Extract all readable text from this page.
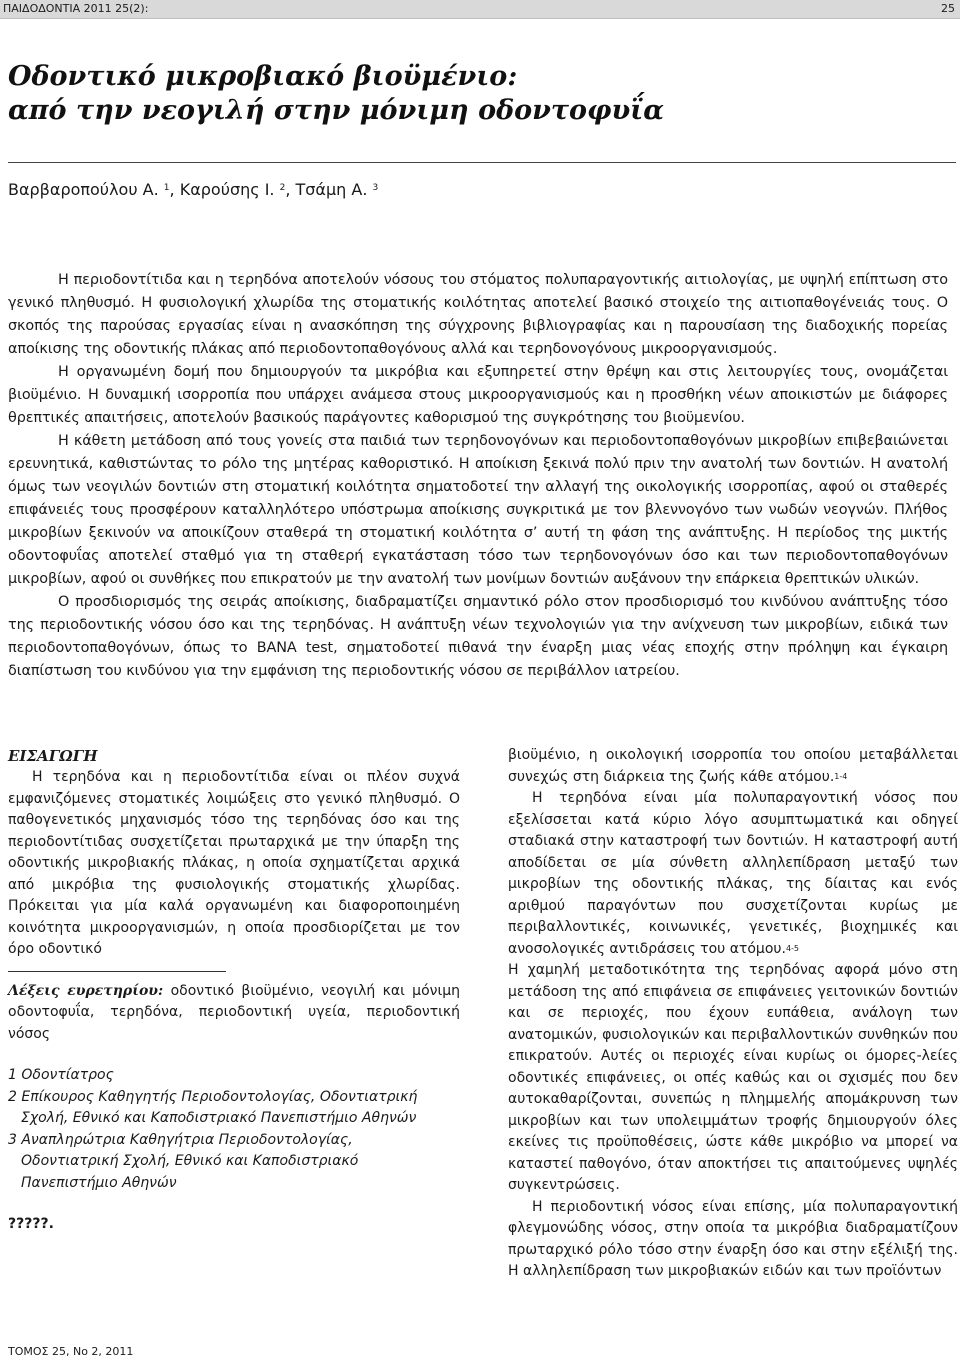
ΠΑΙΔΟΔΟΝΤΙΑ 2011 25(2):	25
Οδοντικό μικροβιακό βιοϋμένιο:
από την νεογιλή στην μόνιμη οδοντοφυΐα
Βαρβαροπούλου Α. $^1$, Καρούσης Ι. $^2$, Τσάμη Α. $^3$

Η περιοδοντίτιδα και η τερηδόνα αποτελούν νόσους του στόματος πολυπαραγοντικής αιτιολογίας, με υψηλή επίπτωση στο γενικό πληθυσμό. Η φυσιολογική χλωρίδα της στοματικής κοιλότητας αποτελεί βασικό στοιχείο της αιτιοπαθογένειάς τους. Ο σκοπός της παρούσας εργασίας είναι η ανασκόπηση της σύγχρονης βιβλιογραφίας και η παρουσίαση της διαδοχικής πορείας αποίκισης της οδοντικής πλάκας από περιοδοντοπαθογόνους αλλά και τερηδονογόνους μικροοργανισμούς.

Η οργανωμένη δομή που δημιουργούν τα μικρόβια και εξυπηρετεί στην θρέψη και στις λειτουργίες τους, ονομάζεται βιοϋμένιο. Η δυναμική ισορροπία που υπάρχει ανάμεσα στους μικροοργανισμούς και η προσθήκη νέων αποικιστών με διάφορες θρεπτικές απαιτήσεις, αποτελούν βασικούς παράγοντες καθορισμού της συγκρότησης του βιοϋμενίου.

Η κάθετη μετάδοση από τους γονείς στα παιδιά των τερηδονογόνων και περιοδοντοπαθογόνων μικροβίων επιβεβαιώνεται ερευνητικά, καθιστώντας το ρόλο της μητέρας καθοριστικό. Η αποίκιση ξεκινά πολύ πριν την ανατολή των δοντιών. Η ανατολή όμως των νεογιλών δοντιών στη στοματική κοιλότητα σηματοδοτεί την αλλαγή της οικολογικής ισορροπίας, αφού οι σταθερές επιφάνειές τους προσφέρουν καταλληλότερο υπόστρωμα αποίκισης συγκριτικά με τον βλεννογόνο των νωδών νεογνών. Πλήθος μικροβίων ξεκινούν να αποικίζουν σταθερά τη στοματική κοιλότητα σ’ αυτή τη φάση της ανάπτυξης. Η περίοδος της μικτής οδοντοφυΐας αποτελεί σταθμό για τη σταθερή εγκατάσταση τόσο των τερηδονογόνων όσο και των περιοδοντοπαθογόνων μικροβίων, αφού οι συνθήκες που επικρατούν με την ανατολή των μονίμων δοντιών αυξάνουν την επάρκεια θρεπτικών υλικών.

Ο προσδιορισμός της σειράς αποίκισης, διαδραματίζει σημαντικό ρόλο στον προσδιορισμό του κινδύνου ανάπτυξης τόσο της περιοδοντικής νόσου όσο και της τερηδόνας. Η ανάπτυξη νέων τεχνολογιών για την ανίχνευση των μικροβίων, ειδικά των περιοδοντοπαθογόνων, όπως το BANA test, σηματοδοτεί πιθανά την έναρξη μιας νέας εποχής στην πρόληψη και έγκαιρη διαπίστωση του κινδύνου για την εμφάνιση της περιοδοντικής νόσου σε περιβάλλον ιατρείου.

ΕΙΣΑΓΩΓΗ

Η τερηδόνα και η περιοδοντίτιδα είναι οι πλέον συχνά εμφανιζόμενες στοματικές λοιμώξεις στο γενικό πληθυσμό. Ο παθογενετικός μηχανισμός τόσο της τερηδόνας όσο και της περιοδοντίτιδας συσχετίζεται πρωταρχικά με την ύπαρξη της οδοντικής μικροβιακής πλάκας, η οποία σχηματίζεται αρχικά από μικρόβια της φυσιολογικής στοματικής χλωρίδας. Πρόκειται για μία καλά οργανωμένη και διαφοροποιημένη κοινότητα μικροοργανισμών, η οποία προσδιορίζεται με τον όρο οδοντικό

Λέξεις ευρετηρίου: οδοντικό βιοϋμένιο, νεογιλή και μόνιμη οδοντοφυΐα, τερηδόνα, περιοδοντική υγεία, περιοδοντική νόσος

1 Οδοντίατρος
2 Επίκουρος Καθηγητής Περιοδοντολογίας, Οδοντιατρική
Σχολή, Εθνικό και Καποδιστριακό Πανεπιστήμιο Αθηνών
3 Αναπληρώτρια Καθηγήτρια Περιοδοντολογίας,
Οδοντιατρική Σχολή, Εθνικό και Καποδιστριακό
Πανεπιστήμιο Αθηνών
?????.

βιοϋμένιο, η οικολογική ισορροπία του οποίου μεταβάλλεται συνεχώς στη διάρκεια της ζωής κάθε ατόμου.$^{1-4}$

Η τερηδόνα είναι μία πολυπαραγοντική νόσος που εξελίσσεται κατά κύριο λόγο ασυμπτωματικά και οδηγεί σταδιακά στην καταστροφή των δοντιών. Η καταστροφή αυτή αποδίδεται σε μία σύνθετη αλληλεπίδραση μεταξύ των μικροβίων της οδοντικής πλάκας, της δίαιτας και ενός αριθμού παραγόντων που συσχετίζονται κυρίως με περιβαλλοντικές, κοινωνικές, γενετικές, βιοχημικές και ανοσολογικές αντιδράσεις του ατόμου.$^{4-5}$

Η χαμηλή μεταδοτικότητα της τερηδόνας αφορά μόνο στη μετάδοση της από επιφάνεια σε επιφάνειες γειτονικών δοντιών και σε περιοχές, που έχουν ευπάθεια, ανάλογη των ανατομικών, φυσιολογικών και περιβαλλοντικών συνθηκών που επικρατούν. Αυτές οι περιοχές είναι κυρίως οι όμορες-λείες οδοντικές επιφάνειες, οι οπές καθώς και οι σχισμές που δεν αυτοκαθαρίζονται, συνεπώς η πλημμελής απομάκρυνση των μικροβίων και των υπολειμμάτων τροφής δημιουργούν όλες εκείνες τις προϋποθέσεις, ώστε κάθε μικρόβιο να μπορεί να καταστεί παθογόνο, όταν αποκτήσει τις απαιτούμενες υψηλές συγκεντρώσεις.

Η περιοδοντική νόσος είναι επίσης, μία πολυπαραγοντική φλεγμονώδης νόσος, στην οποία τα μικρόβια διαδραματίζουν πρωταρχικό ρόλο τόσο στην έναρξη όσο και στην εξέλιξή της. Η αλληλεπίδραση των μικροβιακών ειδών και των προϊόντων

ΤΟΜΟΣ 25, Νο 2, 2011
